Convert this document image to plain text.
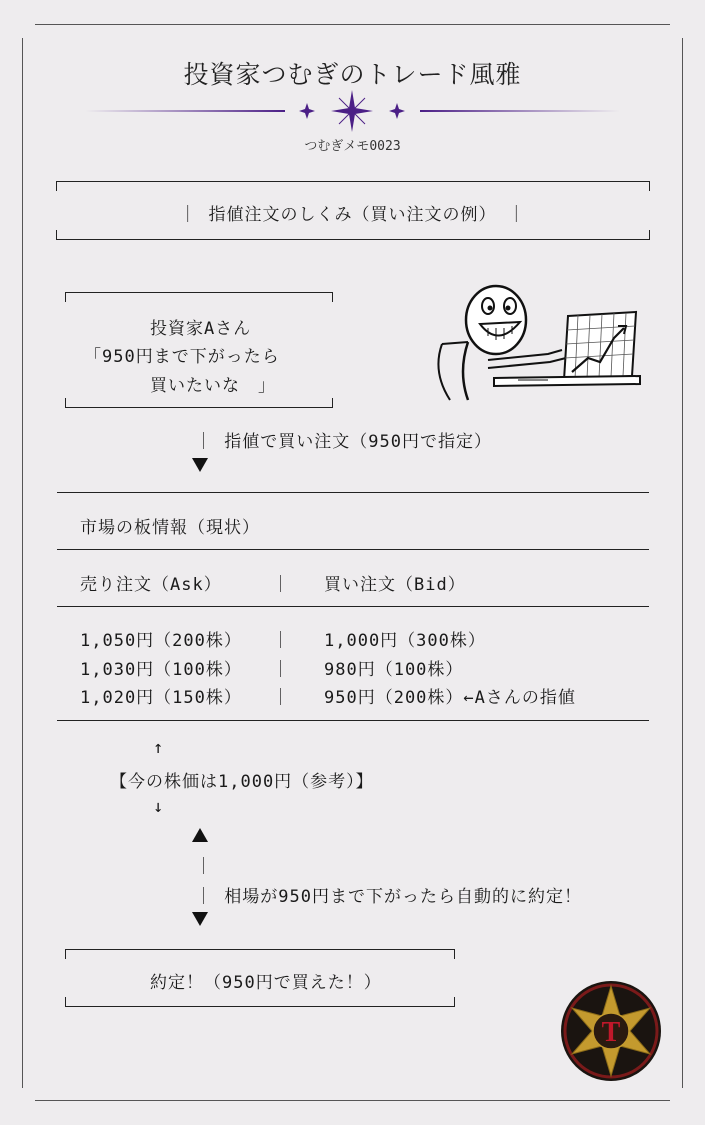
投資家つむぎのトレード風雅
つむぎメモ0023
｜ 指値注文のしくみ（買い注文の例） ｜
投資家Aさん
「950円まで下がったら
買いたいな　」
｜ 指値で買い注文（950円で指定）
市場の板情報（現状）
売り注文（Ask）	｜ 買い注文（Bid）
1,050円（200株） ｜ 1,000円（300株）
1,030円（100株） ｜ 980円（100株）
1,020円（150株） ｜ 950円（200株）←Aさんの指値
↑
【今の株価は1,000円（参考）】
↓
｜
｜ 相場が950円まで下がったら自動的に約定！
約定！（950円で買えた！）
T
